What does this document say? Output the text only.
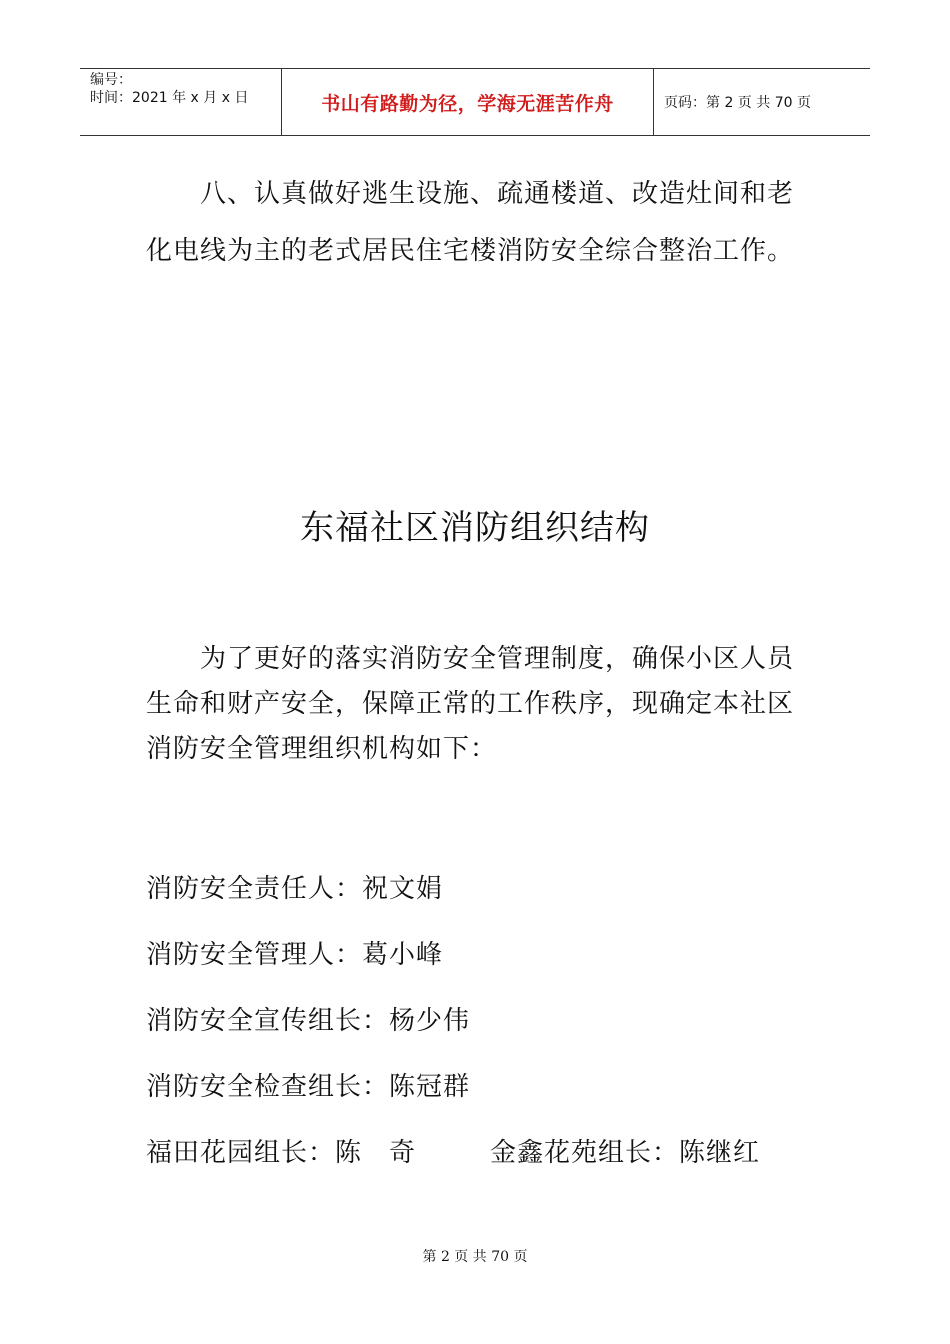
编号：
时间：2021 年 x 月 x 日	书山有路勤为径，学海无涯苦作舟	页码：第 2 页 共 70 页
八、认真做好逃生设施、疏通楼道、改造灶间和老化电线为主的老式居民住宅楼消防安全综合整治工作。
东福社区消防组织结构
为了更好的落实消防安全管理制度，确保小区人员生命和财产安全，保障正常的工作秩序，现确定本社区消防安全管理组织机构如下：
消防安全责任人：祝文娟
消防安全管理人：葛小峰
消防安全宣传组长：杨少伟
消防安全检查组长：陈冠群
福田花园组长：陈　奇	金鑫花苑组长：陈继红
第 2 页 共 70 页
